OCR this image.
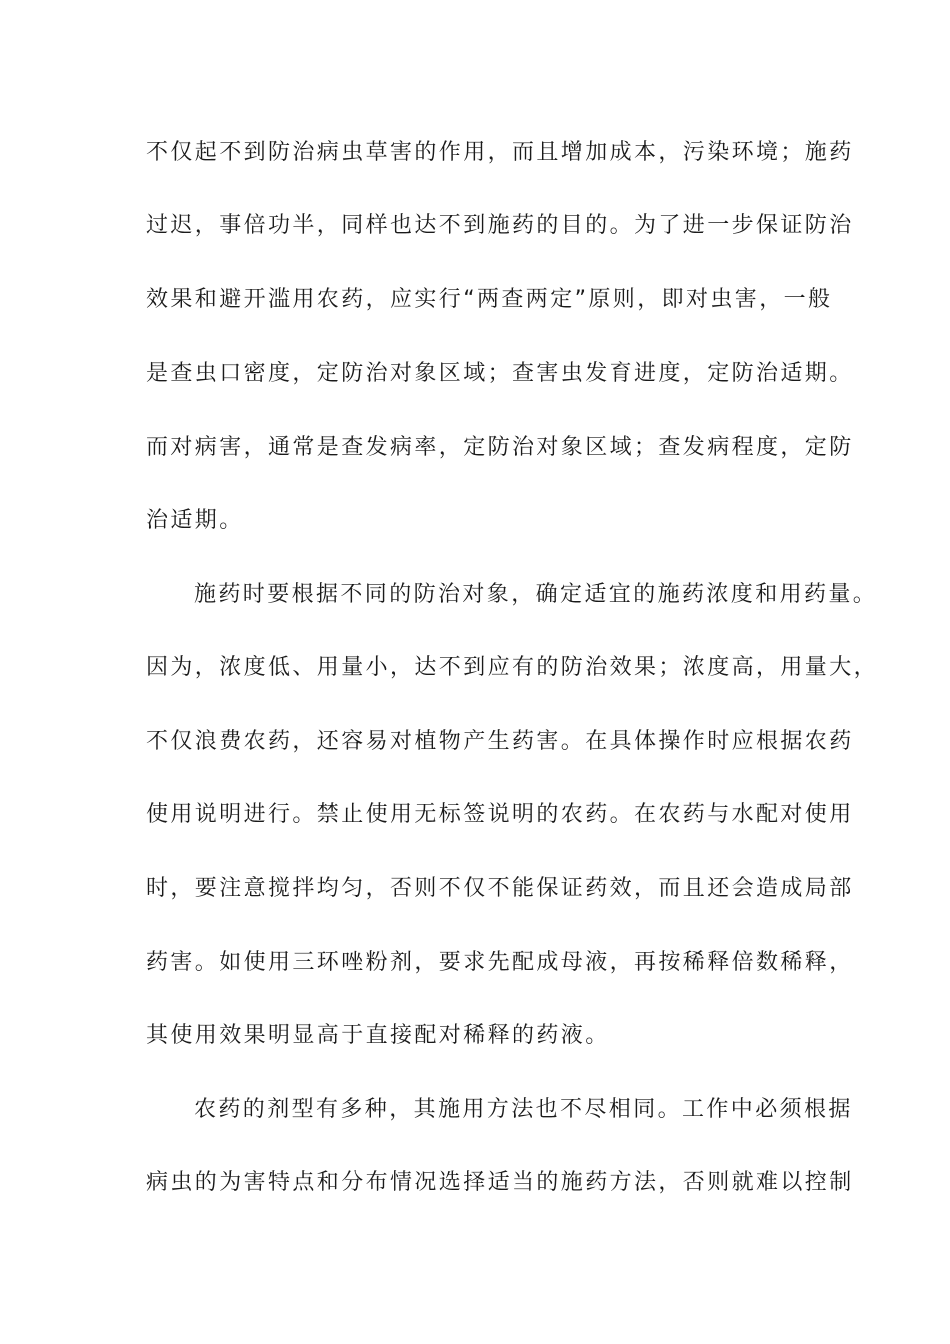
不仅起不到防治病虫草害的作用，而且增加成本，污染环境；施药
过迟，事倍功半，同样也达不到施药的目的。为了进一步保证防治
效果和避开滥用农药，应实行“两查两定”原则，即对虫害，一般
是查虫口密度，定防治对象区域；查害虫发育进度，定防治适期。
而对病害，通常是查发病率，定防治对象区域；查发病程度，定防
治适期。
施药时要根据不同的防治对象，确定适宜的施药浓度和用药量。
因为，浓度低、用量小，达不到应有的防治效果；浓度高，用量大，
不仅浪费农药，还容易对植物产生药害。在具体操作时应根据农药
使用说明进行。禁止使用无标签说明的农药。在农药与水配对使用
时，要注意搅拌均匀，否则不仅不能保证药效，而且还会造成局部
药害。如使用三环唑粉剂，要求先配成母液，再按稀释倍数稀释，
其使用效果明显高于直接配对稀释的药液。
农药的剂型有多种，其施用方法也不尽相同。工作中必须根据
病虫的为害特点和分布情况选择适当的施药方法，否则就难以控制
